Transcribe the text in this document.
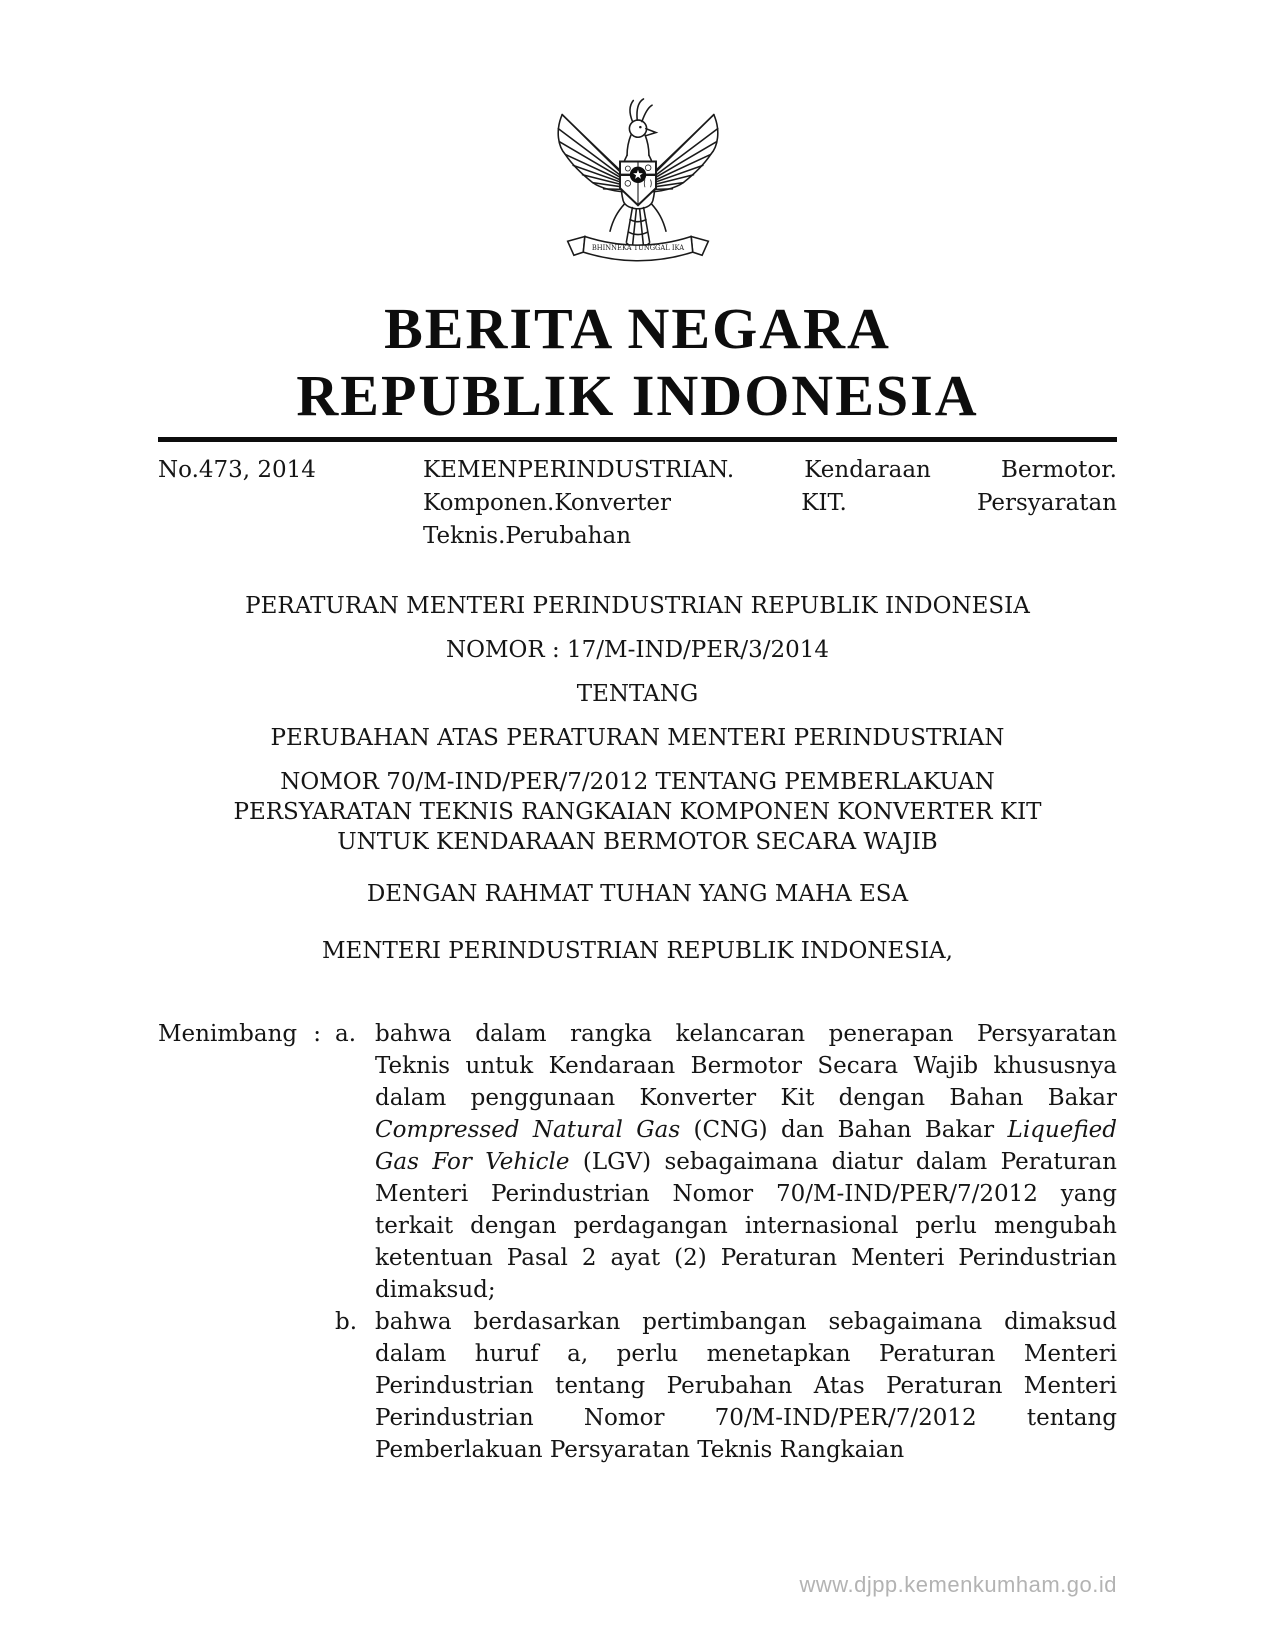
BHINNEKA TUNGGAL IKA
BERITA NEGARA
REPUBLIK INDONESIA
No.473, 2014	KEMENPERINDUSTRIAN. Kendaraan Bermotor.
Komponen.Konverter KIT. Persyaratan
Teknis.Perubahan
PERATURAN MENTERI PERINDUSTRIAN REPUBLIK INDONESIA
NOMOR : 17/M-IND/PER/3/2014
TENTANG
PERUBAHAN ATAS PERATURAN MENTERI PERINDUSTRIAN
NOMOR 70/M-IND/PER/7/2012 TENTANG PEMBERLAKUAN
PERSYARATAN TEKNIS RANGKAIAN KOMPONEN KONVERTER KIT
UNTUK KENDARAAN BERMOTOR SECARA WAJIB
DENGAN RAHMAT TUHAN YANG MAHA ESA
MENTERI PERINDUSTRIAN REPUBLIK INDONESIA,
Menimbang : a. bahwa dalam rangka kelancaran penerapan Persyaratan Teknis untuk Kendaraan Bermotor Secara Wajib khususnya dalam penggunaan Konverter Kit dengan Bahan Bakar Compressed Natural Gas (CNG) dan Bahan Bakar Liquefied Gas For Vehicle (LGV) sebagaimana diatur dalam Peraturan Menteri Perindustrian Nomor 70/M-IND/PER/7/2012 yang terkait dengan perdagangan internasional perlu mengubah ketentuan Pasal 2 ayat (2) Peraturan Menteri Perindustrian dimaksud;
b. bahwa berdasarkan pertimbangan sebagaimana dimaksud dalam huruf a, perlu menetapkan Peraturan Menteri Perindustrian tentang Perubahan Atas Peraturan Menteri Perindustrian Nomor 70/M-IND/PER/7/2012 tentang Pemberlakuan Persyaratan Teknis Rangkaian
www.djpp.kemenkumham.go.id
